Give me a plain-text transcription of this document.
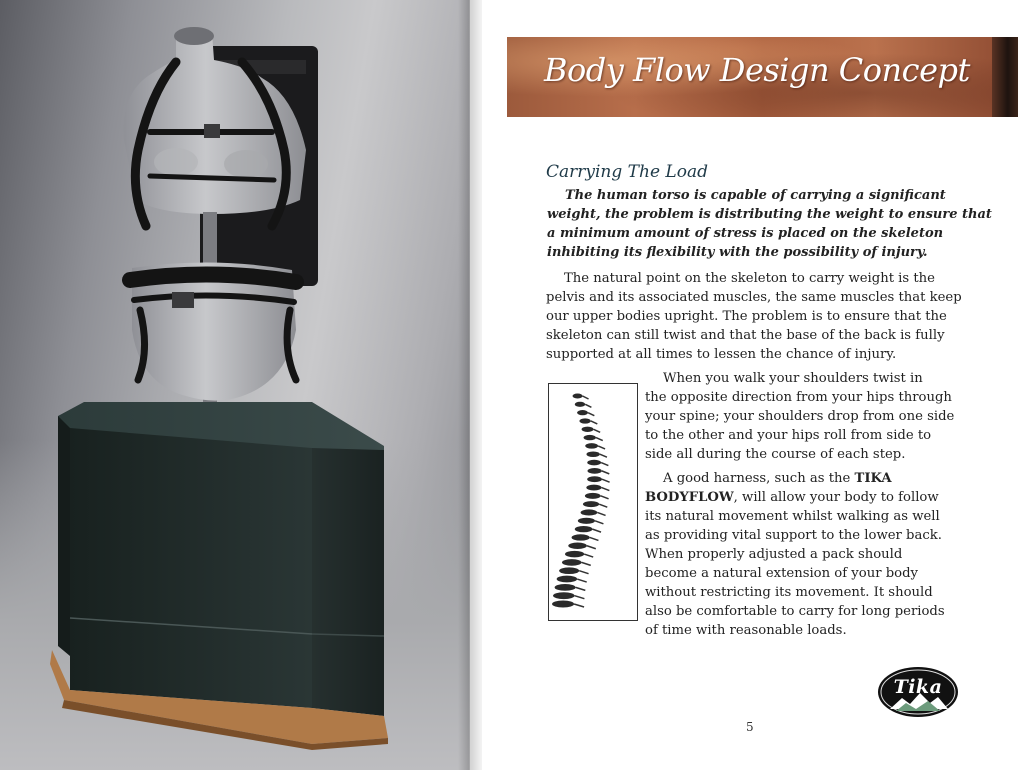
Body Flow Design Concept
Carrying The Load
The human torso is capable of carrying a significant
weight, the problem is distributing the weight to ensure that
a minimum amount of stress is placed on the skeleton
inhibiting its flexibility with the possibility of injury.
The natural point on the skeleton to carry weight is the
pelvis and its associated muscles, the same muscles that keep
our upper bodies upright. The problem is to ensure that the
skeleton can still twist and that the base of the back is fully
supported at all times to lessen the chance of injury.
When you walk your shoulders twist in
the opposite direction from your hips through
your spine; your shoulders drop from one side
to the other and your hips roll from side to
side all during the course of each step.
A good harness, such as the TIKA
BODYFLOW, will allow your body to follow
its natural movement whilst walking as well
as providing vital support to the lower back.
When properly adjusted a pack should
become a natural extension of your body
without restricting its movement. It should
also be comfortable to carry for long periods
of time with reasonable loads.
5
Tika
